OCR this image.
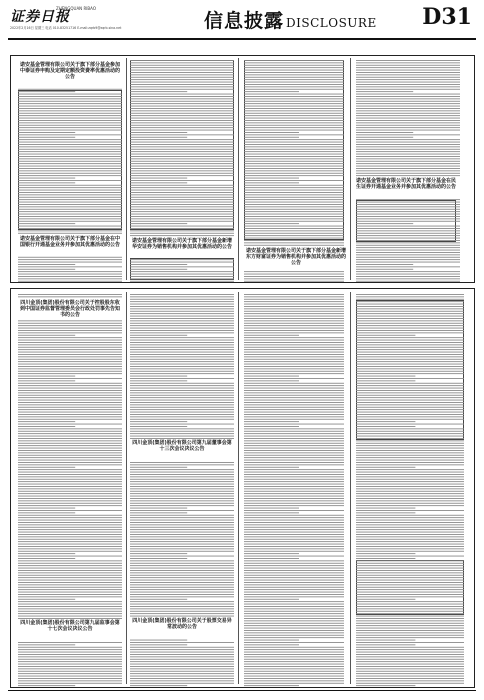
证券日报
ZHENGQUAN RIBAO
2022年2月16日 星期三 电话 010-83251716 E-mail:zqrb9@zqrb.sina.net	信息披露 DISCLOSURE D31
诺安基金管理有限公司关于旗下部分基金参加中泰证券申购及定期定额投资费率优惠活动的公告
诺安基金管理有限公司关于旗下部分基金在中国银行开通基金业务并参加其优惠活动的公告
诺安基金管理有限公司关于旗下部分基金新增华安证券为销售机构并参加其优惠活动的公告
诺安基金管理有限公司关于旗下部分基金新增东方财富证券为销售机构并参加其优惠活动的公告
诺安基金管理有限公司关于旗下部分基金在民生证券开通基金业务并参加其优惠活动的公告
四川金顶(集团)股份有限公司关于控股股东收到中国证券监督管理委员会行政处罚事先告知书的公告
四川金顶(集团)股份有限公司第九届董事会第十三次会议决议公告
四川金顶(集团)股份有限公司关于股票交易异常波动的公告
四川金顶(集团)股份有限公司第九届监事会第十七次会议决议公告
